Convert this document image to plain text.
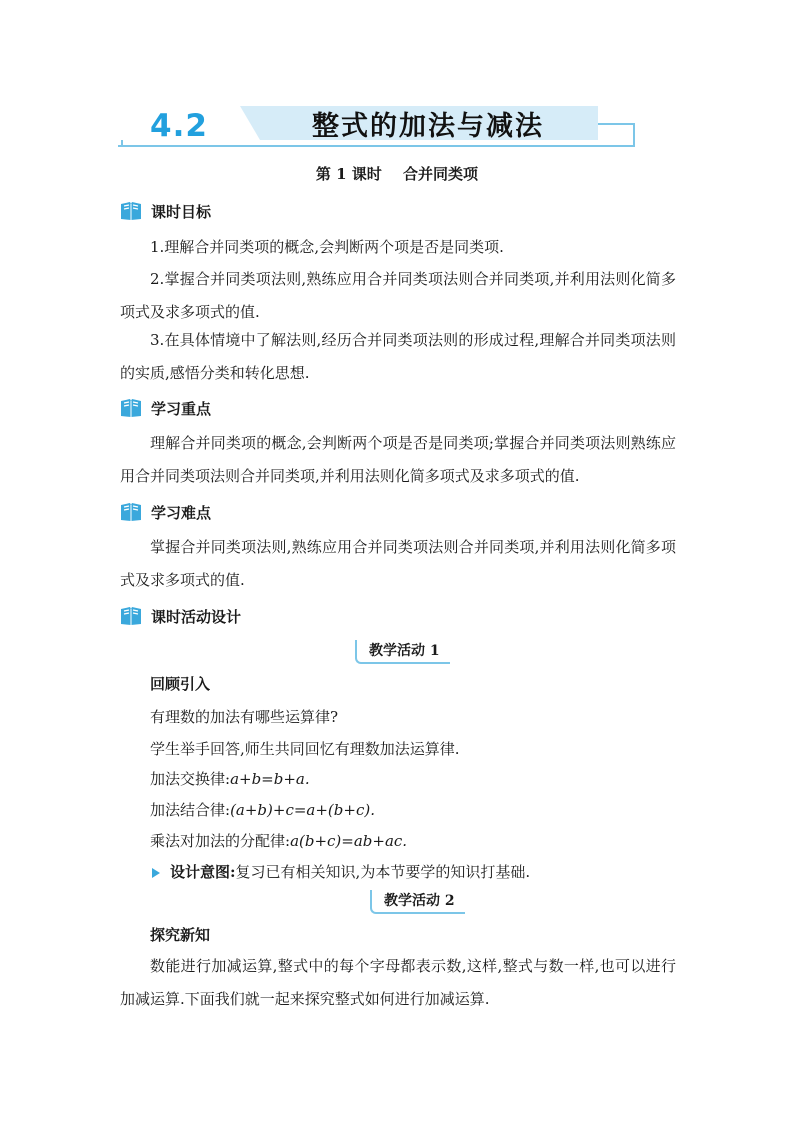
4.2	整式的加法与减法
第 1 课时 合并同类项
课时目标

1.理解合并同类项的概念,会判断两个项是否是同类项.

2.掌握合并同类项法则,熟练应用合并同类项法则合并同类项,并利用法则化简多项式及求多项式的值.

3.在具体情境中了解法则,经历合并同类项法则的形成过程,理解合并同类项法则的实质,感悟分类和转化思想.

学习重点

理解合并同类项的概念,会判断两个项是否是同类项;掌握合并同类项法则熟练应用合并同类项法则合并同类项,并利用法则化简多项式及求多项式的值.

学习难点

掌握合并同类项法则,熟练应用合并同类项法则合并同类项,并利用法则化简多项式及求多项式的值.

课时活动设计
教学活动 1
回顾引入
有理数的加法有哪些运算律?
学生举手回答,师生共同回忆有理数加法运算律.
加法交换律:a+b=b+a.
加法结合律:(a+b)+c=a+(b+c).
乘法对加法的分配律:a(b+c)=ab+ac.
设计意图:复习已有相关知识,为本节要学的知识打基础.
教学活动 2
探究新知

数能进行加减运算,整式中的每个字母都表示数,这样,整式与数一样,也可以进行加减运算.下面我们就一起来探究整式如何进行加减运算.
